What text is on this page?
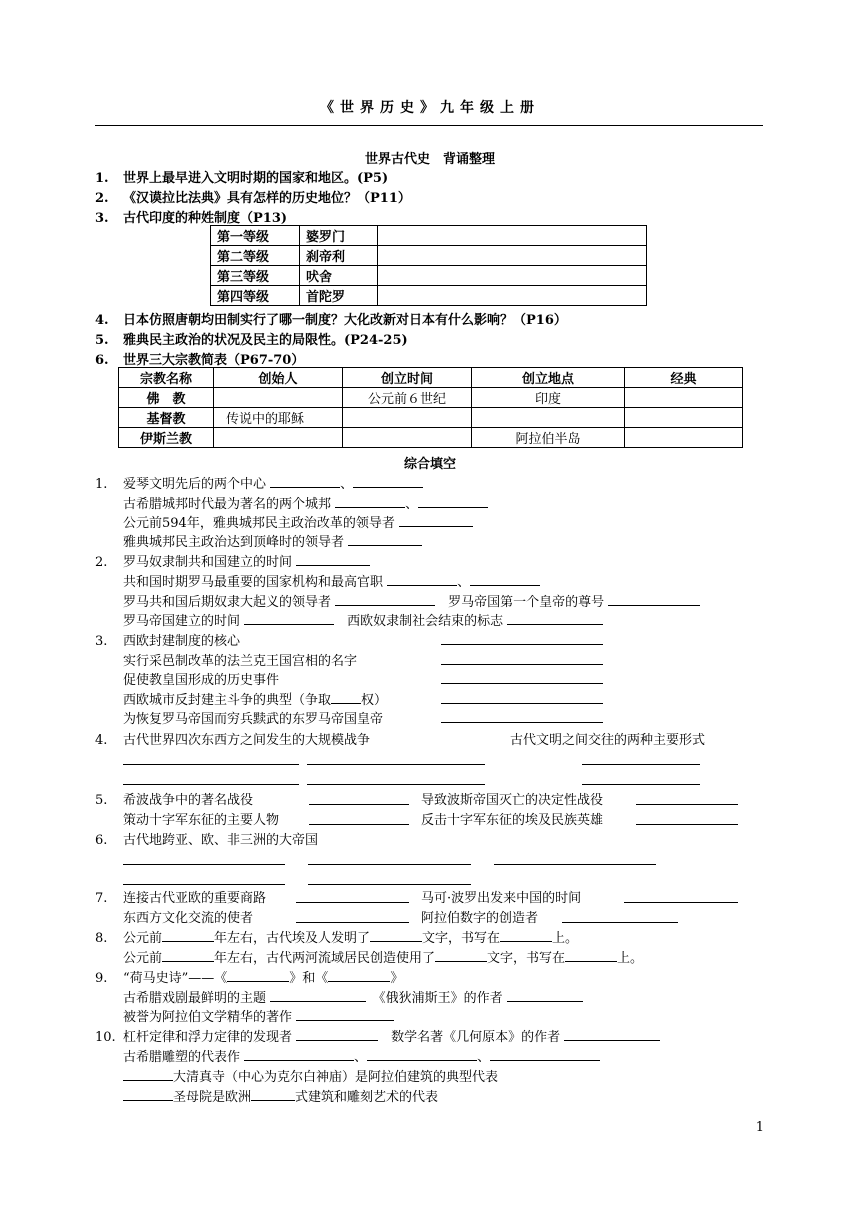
《世界历史》九年级上册
世界古代史　背诵整理
1. 世界上最早进入文明时期的国家和地区。(P5)
2. 《汉谟拉比法典》具有怎样的历史地位？（P11）
3. 古代印度的种姓制度（P13)
第一等级	婆罗门	
第二等级	刹帝利	
第三等级	吠舍	
第四等级	首陀罗	
4. 日本仿照唐朝均田制实行了哪一制度？大化改新对日本有什么影响？（P16）
5. 雅典民主政治的状况及民主的局限性。(P24-25)
6. 世界三大宗教简表（P67-70）
宗教名称	创始人	创立时间	创立地点	经典
佛　教		公元前６世纪	印度	
基督教	传说中的耶稣			
伊斯兰教			阿拉伯半岛	
综合填空
1. 爱琴文明先后的两个中心	、
古希腊城邦时代最为著名的两个城邦	、
公元前594年，雅典城邦民主政治改革的领导者
雅典城邦民主政治达到顶峰时的领导者
2. 罗马奴隶制共和国建立的时间
共和国时期罗马最重要的国家机构和最高官职	、
罗马共和国后期奴隶大起义的领导者 　	罗马帝国第一个皇帝的尊号
罗马帝国建立的时间 　	西欧奴隶制社会结束的标志
3. 西欧封建制度的核心
实行采邑制改革的法兰克王国宫相的名字
促使教皇国形成的历史事件
西欧城市反封建主斗争的典型（争取 权）
为恢复罗马帝国而穷兵黩武的东罗马帝国皇帝
4. 古代世界四次东西方之间发生的大规模战争	古代文明之间交往的两种主要形式
5. 希波战争中的著名战役	导致波斯帝国灭亡的决定性战役
策动十字军东征的主要人物	反击十字军东征的埃及民族英雄
6. 古代地跨亚、欧、非三洲的大帝国
7. 连接古代亚欧的重要商路	马可·波罗出发来中国的时间
东西方文化交流的使者	阿拉伯数字的创造者
8. 公元前	年左右，古代埃及人发明了	文字，书写在	上。
公元前	年左右，古代两河流域居民创造使用了	文字，书写在	上。
9. “荷马史诗”——《	》和《	》
古希腊戏剧最鲜明的主题 　	《俄狄浦斯王》的作者
被誉为阿拉伯文学精华的著作
10. 杠杆定律和浮力定律的发现者 　	数学名著《几何原本》的作者
古希腊雕塑的代表作	、	、
大清真寺（中心为克尔白神庙）是阿拉伯建筑的典型代表
圣母院是欧洲	式建筑和雕刻艺术的代表
1
